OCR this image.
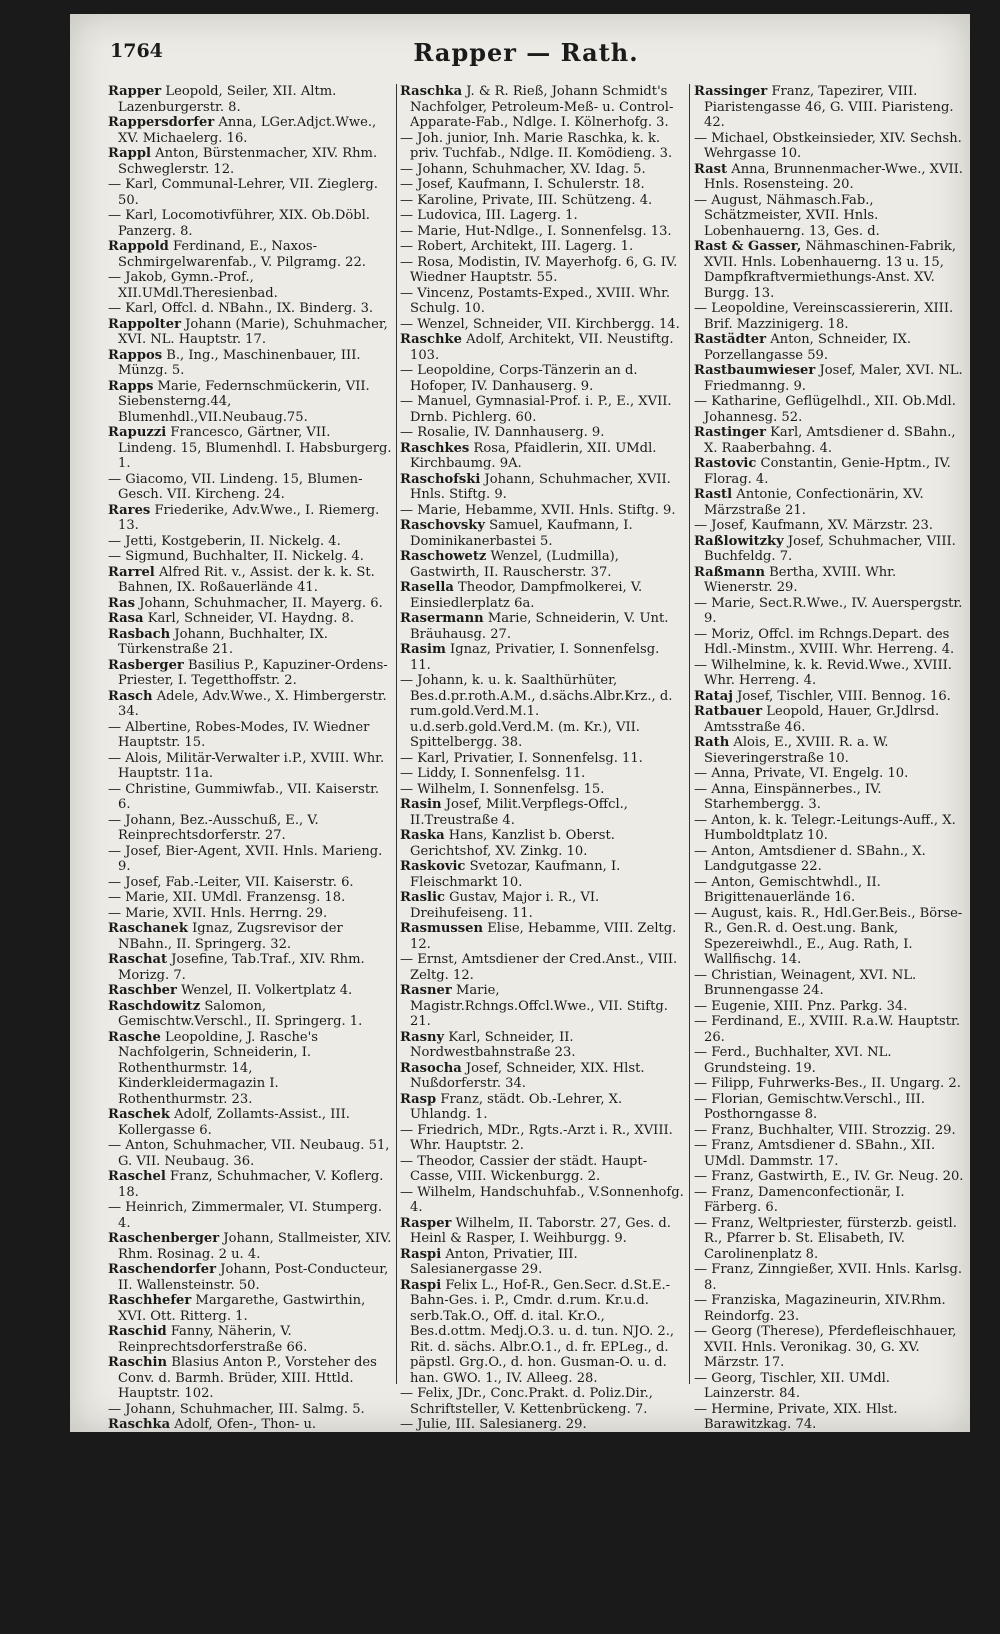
1764	Rapper — Rath.

Rapper Leopold, Seiler, XII. Altm. Lazenburgerstr. 8.

Rappersdorfer Anna, LGer.Adjct.Wwe., XV. Michaelerg. 16.

Rappl Anton, Bürstenmacher, XIV. Rhm. Schweglerstr. 12.

— Karl, Communal-Lehrer, VII. Zieglerg. 50.

— Karl, Locomotivführer, XIX. Ob.Döbl. Panzerg. 8.

Rappold Ferdinand, E., Naxos-Schmirgelwarenfab., V. Pilgramg. 22.

— Jakob, Gymn.-Prof., XII.UMdl.Theresienbad.

— Karl, Offcl. d. NBahn., IX. Binderg. 3.

Rappolter Johann (Marie), Schuhmacher, XVI. NL. Hauptstr. 17.

Rappos B., Ing., Maschinenbauer, III. Münzg. 5.

Rapps Marie, Federnschmückerin, VII. Siebensterng.44, Blumenhdl.,VII.Neubaug.75.

Rapuzzi Francesco, Gärtner, VII. Lindeng. 15, Blumenhdl. I. Habsburgerg. 1.

— Giacomo, VII. Lindeng. 15, Blumen-Gesch. VII. Kircheng. 24.

Rares Friederike, Adv.Wwe., I. Riemerg. 13.

— Jetti, Kostgeberin, II. Nickelg. 4.

— Sigmund, Buchhalter, II. Nickelg. 4.

Rarrel Alfred Rit. v., Assist. der k. k. St. Bahnen, IX. Roßauerlände 41.

Ras Johann, Schuhmacher, II. Mayerg. 6.

Rasa Karl, Schneider, VI. Haydng. 8.

Rasbach Johann, Buchhalter, IX. Türkenstraße 21.

Rasberger Basilius P., Kapuziner-Ordens-Priester, I. Tegetthoffstr. 2.

Rasch Adele, Adv.Wwe., X. Himbergerstr. 34.

— Albertine, Robes-Modes, IV. Wiedner Hauptstr. 15.

— Alois, Militär-Verwalter i.P., XVIII. Whr. Hauptstr. 11a.

— Christine, Gummiwfab., VII. Kaiserstr. 6.

— Johann, Bez.-Ausschuß, E., V. Reinprechtsdorferstr. 27.

— Josef, Bier-Agent, XVII. Hnls. Marieng. 9.

— Josef, Fab.-Leiter, VII. Kaiserstr. 6.

— Marie, XII. UMdl. Franzensg. 18.

— Marie, XVII. Hnls. Herrng. 29.

Raschanek Ignaz, Zugsrevisor der NBahn., II. Springerg. 32.

Raschat Josefine, Tab.Traf., XIV. Rhm. Morizg. 7.

Raschber Wenzel, II. Volkertplatz 4.

Raschdowitz Salomon, Gemischtw.Verschl., II. Springerg. 1.

Rasche Leopoldine, J. Rasche's Nachfolgerin, Schneiderin, I. Rothenthurmstr. 14, Kinderkleidermagazin I. Rothenthurmstr. 23.

Raschek Adolf, Zollamts-Assist., III. Kollergasse 6.

— Anton, Schuhmacher, VII. Neubaug. 51, G. VII. Neubaug. 36.

Raschel Franz, Schuhmacher, V. Koflerg. 18.

— Heinrich, Zimmermaler, VI. Stumperg. 4.

Raschenberger Johann, Stallmeister, XIV. Rhm. Rosinag. 2 u. 4.

Raschendorfer Johann, Post-Conducteur, II. Wallensteinstr. 50.

Raschhefer Margarethe, Gastwirthin, XVI. Ott. Ritterg. 1.

Raschid Fanny, Näherin, V. Reinprechtsdorferstraße 66.

Raschin Blasius Anton P., Vorsteher des Conv. d. Barmh. Brüder, XIII. Httld. Hauptstr. 102.

— Johann, Schuhmacher, III. Salmg. 5.

Raschka Adolf, Ofen-, Thon- u. Chamottew.-Fab. in Nesselsdorf (Mähren), Ndlge. I. Reichsrathsstraße 9.

— Anna, Obstverkauf, XIV. Rhm. Schönbrunnerstr. 70.

— Anton, Fragner, VI. Gumpendorferstr. 136.

— Edmund, Volksschullehrer, III. Marxerg. 38.

— Emil, recte Mendl, Buchhalter, VIII. Laudong. 43.

— Hans, ak. Maler, II. Komödieng. 3.

Raschka J. & R. Rieß, Johann Schmidt's Nachfolger, Petroleum-Meß- u. Control-Apparate-Fab., Ndlge. I. Kölnerhofg. 3.

— Joh. junior, Inh. Marie Raschka, k. k. priv. Tuchfab., Ndlge. II. Komödieng. 3.

— Johann, Schuhmacher, XV. Idag. 5.

— Josef, Kaufmann, I. Schulerstr. 18.

— Karoline, Private, III. Schützeng. 4.

— Ludovica, III. Lagerg. 1.

— Marie, Hut-Ndlge., I. Sonnenfelsg. 13.

— Robert, Architekt, III. Lagerg. 1.

— Rosa, Modistin, IV. Mayerhofg. 6, G. IV. Wiedner Hauptstr. 55.

— Vincenz, Postamts-Exped., XVIII. Whr. Schulg. 10.

— Wenzel, Schneider, VII. Kirchbergg. 14.

Raschke Adolf, Architekt, VII. Neustiftg. 103.

— Leopoldine, Corps-Tänzerin an d. Hofoper, IV. Danhauserg. 9.

— Manuel, Gymnasial-Prof. i. P., E., XVII. Drnb. Pichlerg. 60.

— Rosalie, IV. Dannhauserg. 9.

Raschkes Rosa, Pfaidlerin, XII. UMdl. Kirchbaumg. 9A.

Raschofski Johann, Schuhmacher, XVII. Hnls. Stiftg. 9.

— Marie, Hebamme, XVII. Hnls. Stiftg. 9.

Raschovsky Samuel, Kaufmann, I. Dominikanerbastei 5.

Raschowetz Wenzel, (Ludmilla), Gastwirth, II. Rauscherstr. 37.

Rasella Theodor, Dampfmolkerei, V. Einsiedlerplatz 6a.

Rasermann Marie, Schneiderin, V. Unt. Bräuhausg. 27.

Rasim Ignaz, Privatier, I. Sonnenfelsg. 11.

— Johann, k. u. k. Saalthürhüter, Bes.d.pr.roth.A.M., d.sächs.Albr.Krz., d. rum.gold.Verd.M.1. u.d.serb.gold.Verd.M. (m. Kr.), VII. Spittelbergg. 38.

— Karl, Privatier, I. Sonnenfelsg. 11.

— Liddy, I. Sonnenfelsg. 11.

— Wilhelm, I. Sonnenfelsg. 15.

Rasin Josef, Milit.Verpflegs-Offcl., II.Treustraße 4.

Raska Hans, Kanzlist b. Oberst. Gerichtshof, XV. Zinkg. 10.

Raskovic Svetozar, Kaufmann, I. Fleischmarkt 10.

Raslic Gustav, Major i. R., VI. Dreihufeiseng. 11.

Rasmussen Elise, Hebamme, VIII. Zeltg. 12.

— Ernst, Amtsdiener der Cred.Anst., VIII. Zeltg. 12.

Rasner Marie, Magistr.Rchngs.Offcl.Wwe., VII. Stiftg. 21.

Rasny Karl, Schneider, II. Nordwestbahnstraße 23.

Rasocha Josef, Schneider, XIX. Hlst. Nußdorferstr. 34.

Rasp Franz, städt. Ob.-Lehrer, X. Uhlandg. 1.

— Friedrich, MDr., Rgts.-Arzt i. R., XVIII. Whr. Hauptstr. 2.

— Theodor, Cassier der städt. Haupt-Casse, VIII. Wickenburgg. 2.

— Wilhelm, Handschuhfab., V.Sonnenhofg. 4.

Rasper Wilhelm, II. Taborstr. 27, Ges. d. Heinl & Rasper, I. Weihburgg. 9.

Raspi Anton, Privatier, III. Salesianergasse 29.

Raspi Felix L., Hof-R., Gen.Secr. d.St.E.-Bahn-Ges. i. P., Cmdr. d.rum. Kr.u.d. serb.Tak.O., Off. d. ital. Kr.O., Bes.d.ottm. Medj.O.3. u. d. tun. NJO. 2., Rit. d. sächs. Albr.O.1., d. fr. EPLeg., d. päpstl. Grg.O., d. hon. Gusman-O. u. d. han. GWO. 1., IV. Alleeg. 28.

— Felix, JDr., Conc.Prakt. d. Poliz.Dir., Schriftsteller, V. Kettenbrückeng. 7.

— Julie, III. Salesianerg. 29.

— Leopold, Ob.Insp. d. StEBahn.Ges., V. Kettenbrückeng. 7.

Rassa Fanny, Stickerin, XV. Blütheng. 11.

Rassam Karl, Fleischselcher, XIV. Sechsh. Gemeindeg. 3.

Rassinger Franz, Tapezirer, VIII. Piaristengasse 46, G. VIII. Piaristeng. 42.

— Michael, Obstkeinsieder, XIV. Sechsh. Wehrgasse 10.

Rast Anna, Brunnenmacher-Wwe., XVII. Hnls. Rosensteing. 20.

— August, Nähmasch.Fab., Schätzmeister, XVII. Hnls. Lobenhauerng. 13, Ges. d.

Rast & Gasser, Nähmaschinen-Fabrik, XVII. Hnls. Lobenhauerng. 13 u. 15, Dampfkraftvermiethungs-Anst. XV. Burgg. 13.

— Leopoldine, Vereinscassiererin, XIII. Brif. Mazzinigerg. 18.

Rastädter Anton, Schneider, IX. Porzellangasse 59.

Rastbaumwieser Josef, Maler, XVI. NL. Friedmanng. 9.

— Katharine, Geflügelhdl., XII. Ob.Mdl. Johannesg. 52.

Rastinger Karl, Amtsdiener d. SBahn., X. Raaberbahng. 4.

Rastovic Constantin, Genie-Hptm., IV. Florag. 4.

Rastl Antonie, Confectionärin, XV. Märzstraße 21.

— Josef, Kaufmann, XV. Märzstr. 23.

Raßlowitzky Josef, Schuhmacher, VIII. Buchfeldg. 7.

Raßmann Bertha, XVIII. Whr. Wienerstr. 29.

— Marie, Sect.R.Wwe., IV. Auerspergstr. 9.

— Moriz, Offcl. im Rchngs.Depart. des Hdl.-Minstm., XVIII. Whr. Herreng. 4.

— Wilhelmine, k. k. Revid.Wwe., XVIII. Whr. Herreng. 4.

Rataj Josef, Tischler, VIII. Bennog. 16.

Ratbauer Leopold, Hauer, Gr.Jdlrsd. Amtsstraße 46.

Rath Alois, E., XVIII. R. a. W. Sieveringerstraße 10.

— Anna, Private, VI. Engelg. 10.

— Anna, Einspännerbes., IV. Starhembergg. 3.

— Anton, k. k. Telegr.-Leitungs-Auff., X. Humboldtplatz 10.

— Anton, Amtsdiener d. SBahn., X. Landgutgasse 22.

— Anton, Gemischtwhdl., II. Brigittenauerlände 16.

— August, kais. R., Hdl.Ger.Beis., Börse-R., Gen.R. d. Oest.ung. Bank, Spezereiwhdl., E., Aug. Rath, I. Wallfischg. 14.

— Christian, Weinagent, XVI. NL. Brunnengasse 24.

— Eugenie, XIII. Pnz. Parkg. 34.

— Ferdinand, E., XVIII. R.a.W. Hauptstr. 26.

— Ferd., Buchhalter, XVI. NL. Grundsteing. 19.

— Filipp, Fuhrwerks-Bes., II. Ungarg. 2.

— Florian, Gemischtw.Verschl., III. Posthorngasse 8.

— Franz, Buchhalter, VIII. Strozzig. 29.

— Franz, Amtsdiener d. SBahn., XII. UMdl. Dammstr. 17.

— Franz, Gastwirth, E., IV. Gr. Neug. 20.

— Franz, Damenconfectionär, I. Färberg. 6.

— Franz, Weltpriester, fürsterzb. geistl. R., Pfarrer b. St. Elisabeth, IV. Carolinenplatz 8.

— Franz, Zinngießer, XVII. Hnls. Karlsg. 8.

— Franziska, Magazineurin, XIV.Rhm. Reindorfg. 23.

— Georg (Therese), Pferdefleischhauer, XVII. Hnls. Veronikag. 30, G. XV. Märzstr. 17.

— Georg, Tischler, XII. UMdl. Lainzerstr. 84.

— Hermine, Private, XIX. Hlst. Barawitzkag. 74.

— Jakob, Kanzlist im Justiz-Minstm., 2., IV. Wiedner Hauptstr. 65.

— Jakob, Corrector, II. Schüttelstr. 61.

— Jakob, E., Jedlesee Feldg. 113.

— Johann, Fragner, V. Johannag. 3.

— Johann, k. u. k. Stallübergeher, Bes. d. kön. sächs. Albr.Krz., d. russ. Ann. O. 3. u. d. gold. pers. SLM., VII. Hofstallstr. 1.

— Johann, Postamtsdiener, III. Gärtnerg. 10.

— Josef, Gärtner, E., XI. KEb. Schwechaterstraße 132.
